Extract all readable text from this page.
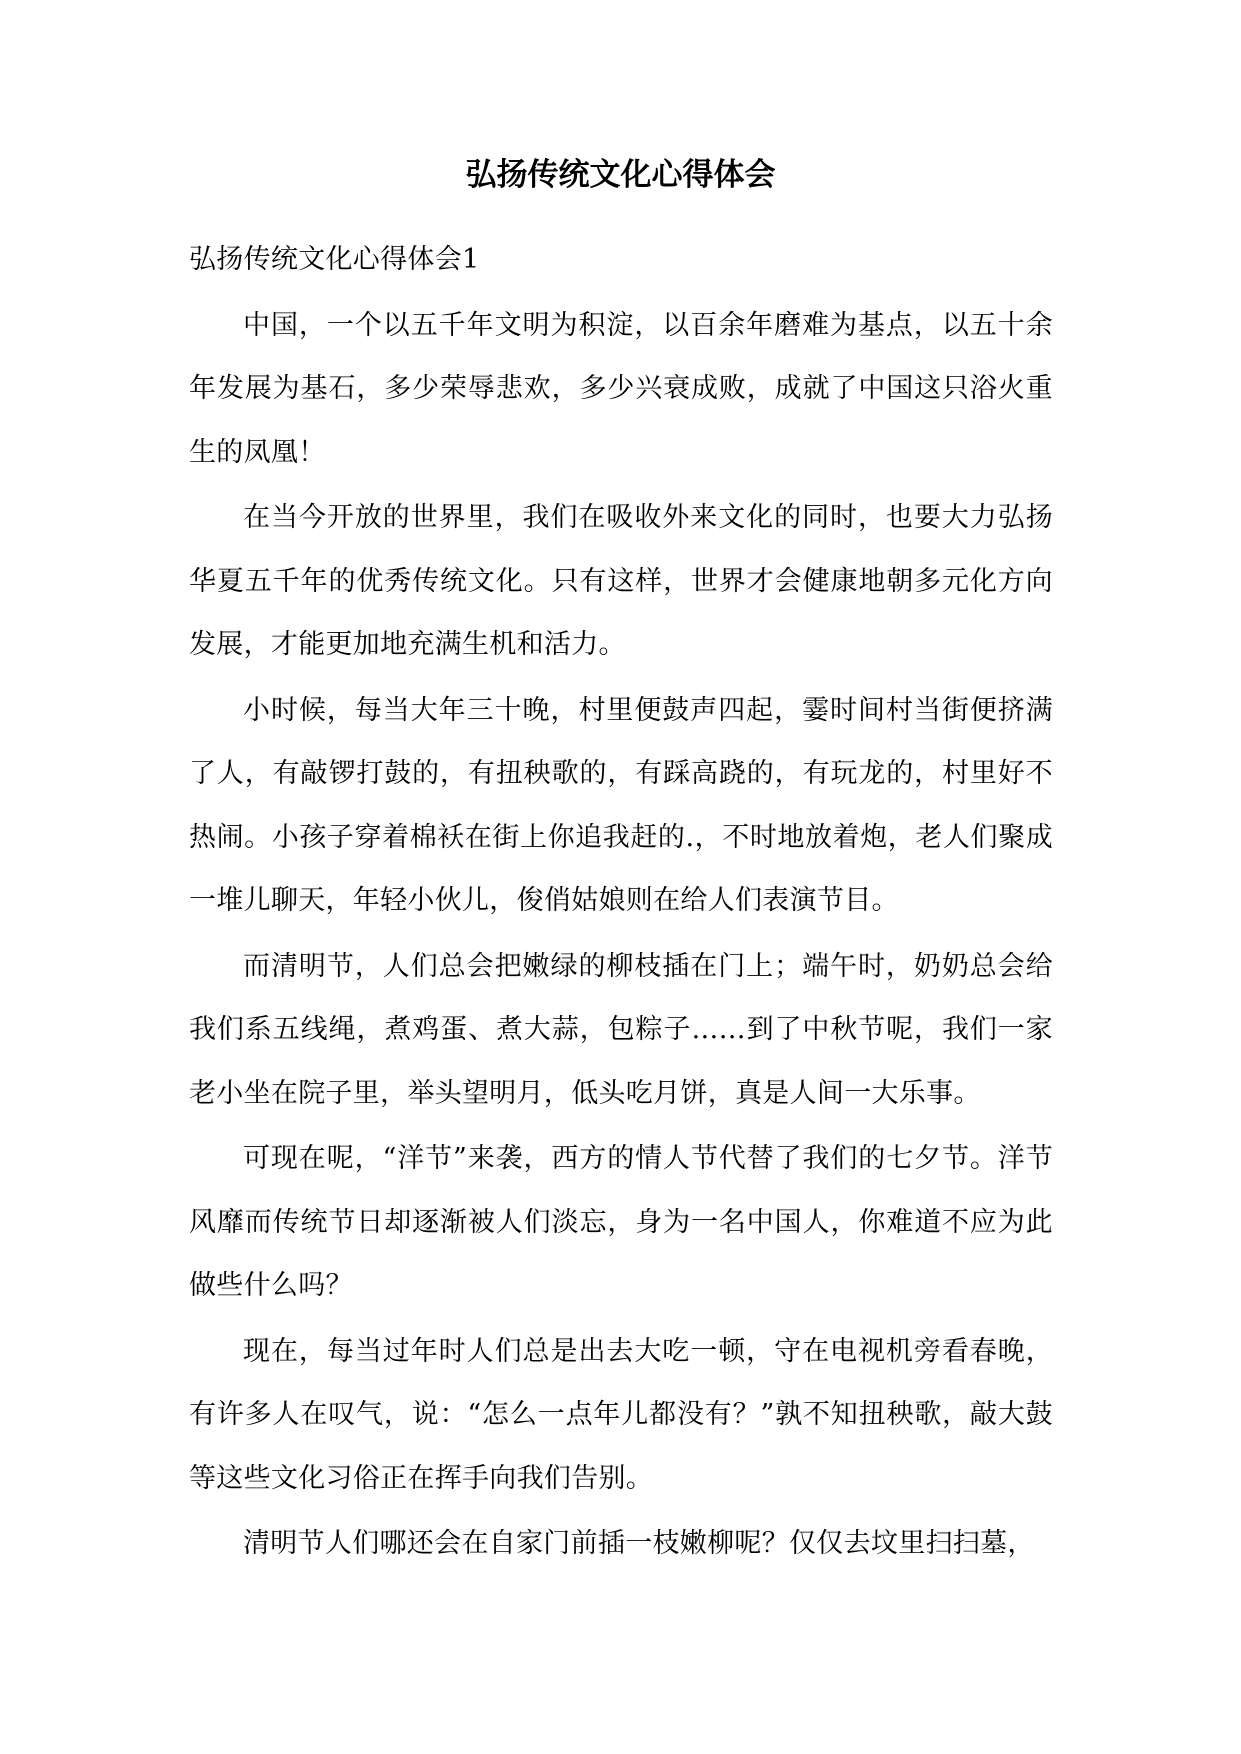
弘扬传统文化心得体会

弘扬传统文化心得体会1

中国，一个以五千年文明为积淀，以百余年磨难为基点，以五十余年发展为基石，多少荣辱悲欢，多少兴衰成败，成就了中国这只浴火重生的凤凰！

在当今开放的世界里，我们在吸收外来文化的同时，也要大力弘扬华夏五千年的优秀传统文化。只有这样，世界才会健康地朝多元化方向发展，才能更加地充满生机和活力。

小时候，每当大年三十晚，村里便鼓声四起，霎时间村当街便挤满了人，有敲锣打鼓的，有扭秧歌的，有踩高跷的，有玩龙的，村里好不热闹。小孩子穿着棉袄在街上你追我赶的.，不时地放着炮，老人们聚成一堆儿聊天，年轻小伙儿，俊俏姑娘则在给人们表演节目。

而清明节，人们总会把嫩绿的柳枝插在门上；端午时，奶奶总会给我们系五线绳，煮鸡蛋、煮大蒜，包粽子……到了中秋节呢，我们一家老小坐在院子里，举头望明月，低头吃月饼，真是人间一大乐事。

可现在呢，“洋节”来袭，西方的情人节代替了我们的七夕节。洋节风靡而传统节日却逐渐被人们淡忘，身为一名中国人，你难道不应为此做些什么吗？

现在，每当过年时人们总是出去大吃一顿，守在电视机旁看春晚，有许多人在叹气，说：“怎么一点年儿都没有？”孰不知扭秧歌，敲大鼓等这些文化习俗正在挥手向我们告别。

清明节人们哪还会在自家门前插一枝嫩柳呢？仅仅去坟里扫扫墓，
